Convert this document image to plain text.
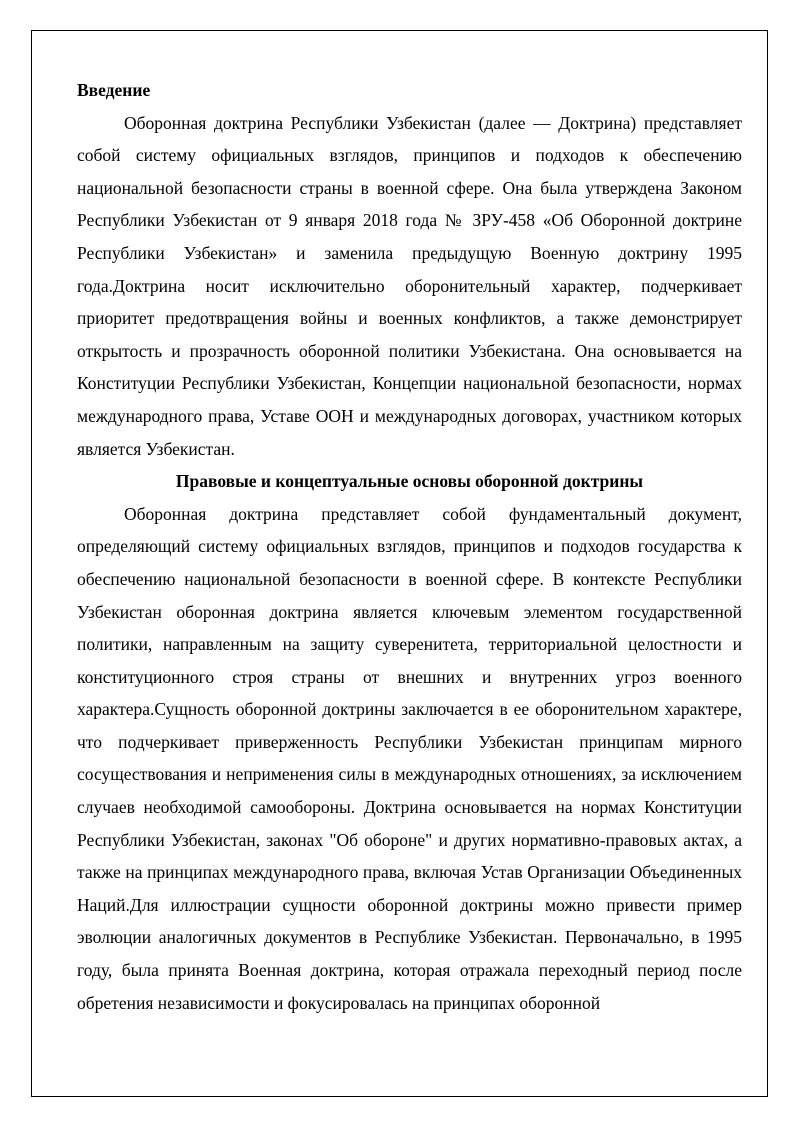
Введение

Оборонная доктрина Республики Узбекистан (далее — Доктрина) представляет собой систему официальных взглядов, принципов и подходов к обеспечению национальной безопасности страны в военной сфере. Она была утверждена Законом Республики Узбекистан от 9 января 2018 года № ЗРУ-458 «Об Оборонной доктрине Республики Узбекистан» и заменила предыдущую Военную доктрину 1995 года.Доктрина носит исключительно оборонительный характер, подчеркивает приоритет предотвращения войны и военных конфликтов, а также демонстрирует открытость и прозрачность оборонной политики Узбекистана. Она основывается на Конституции Республики Узбекистан, Концепции национальной безопасности, нормах международного права, Уставе ООН и международных договорах, участником которых является Узбекистан.

Правовые и концептуальные основы оборонной доктрины

Оборонная доктрина представляет собой фундаментальный документ, определяющий систему официальных взглядов, принципов и подходов государства к обеспечению национальной безопасности в военной сфере. В контексте Республики Узбекистан оборонная доктрина является ключевым элементом государственной политики, направленным на защиту суверенитета, территориальной целостности и конституционного строя страны от внешних и внутренних угроз военного характера.Сущность оборонной доктрины заключается в ее оборонительном характере, что подчеркивает приверженность Республики Узбекистан принципам мирного сосуществования и неприменения силы в международных отношениях, за исключением случаев необходимой самообороны. Доктрина основывается на нормах Конституции Республики Узбекистан, законах "Об обороне" и других нормативно-правовых актах, а также на принципах международного права, включая Устав Организации Объединенных Наций.Для иллюстрации сущности оборонной доктрины можно привести пример эволюции аналогичных документов в Республике Узбекистан. Первоначально, в 1995 году, была принята Военная доктрина, которая отражала переходный период после обретения независимости и фокусировалась на принципах оборонной
